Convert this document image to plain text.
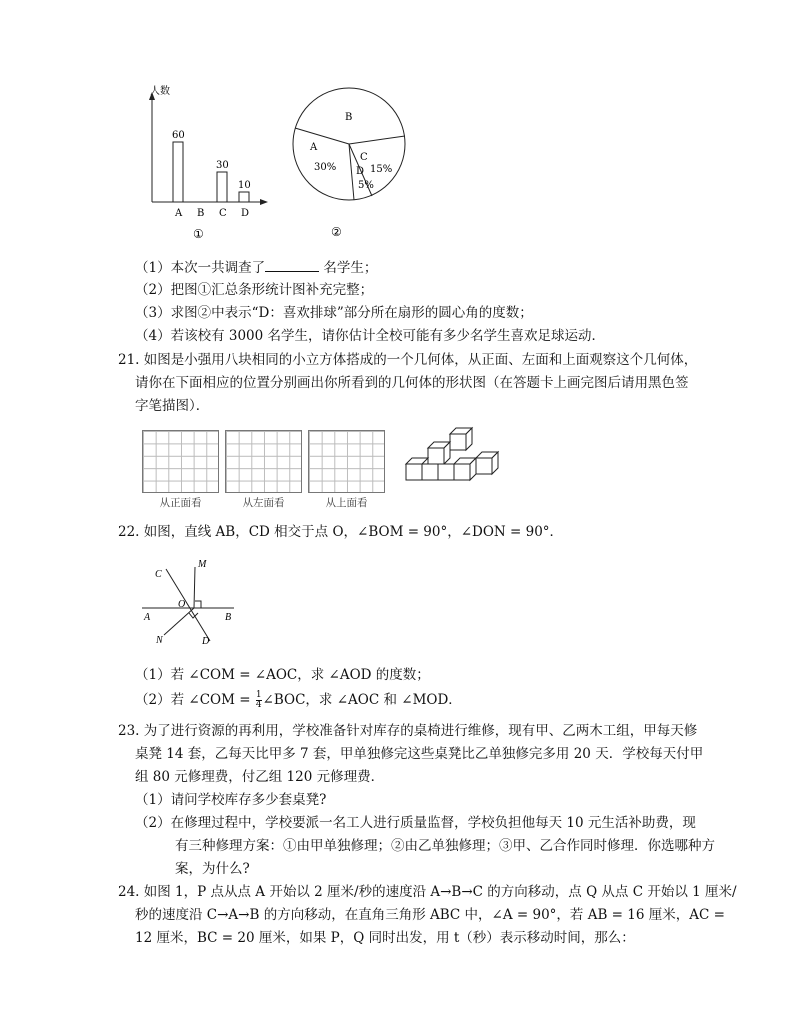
人数
60
A B
30
C
10
D
①
B
A
30%
C
15%
D
5%
②
（1）本次一共调查了	名学生；
（2）把图①汇总条形统计图补充完整；
（3）求图②中表示“D：喜欢排球”部分所在扇形的圆心角的度数；
（4）若该校有 3000 名学生，请你估计全校可能有多少名学生喜欢足球运动．
21. 如图是小强用八块相同的小立方体搭成的一个几何体，从正面、左面和上面观察这个几何体，
请你在下面相应的位置分别画出你所看到的几何体的形状图（在答题卡上画完图后请用黑色签
字笔描图）．
从正面看	从左面看	从上面看
22. 如图，直线 AB，CD 相交于点 O，∠BOM = 90°，∠DON = 90°．
C
M
O
A	B
N	D
（1）若 ∠COM = ∠AOC，求 ∠AOD 的度数；
（2）若 ∠COM = $\frac{1}{4}$ ∠BOC，求 ∠AOC 和 ∠MOD．
23. 为了进行资源的再利用，学校准备针对库存的桌椅进行维修，现有甲、乙两木工组，甲每天修
桌凳 14 套，乙每天比甲多 7 套，甲单独修完这些桌凳比乙单独修完多用 20 天．学校每天付甲
组 80 元修理费，付乙组 120 元修理费．
（1）请问学校库存多少套桌凳?
（2）在修理过程中，学校要派一名工人进行质量监督，学校负担他每天 10 元生活补助费，现
有三种修理方案：①由甲单独修理；②由乙单独修理；③甲、乙合作同时修理．你选哪种方
案，为什么?
24. 如图 1，P 点从点 A 开始以 2 厘米/秒的速度沿 A→B→C 的方向移动，点 Q 从点 C 开始以 1 厘米/
秒的速度沿 C→A→B 的方向移动，在直角三角形 ABC 中，∠A = 90°，若 AB = 16 厘米，AC =
12 厘米，BC = 20 厘米，如果 P，Q 同时出发，用 t（秒）表示移动时间，那么：
